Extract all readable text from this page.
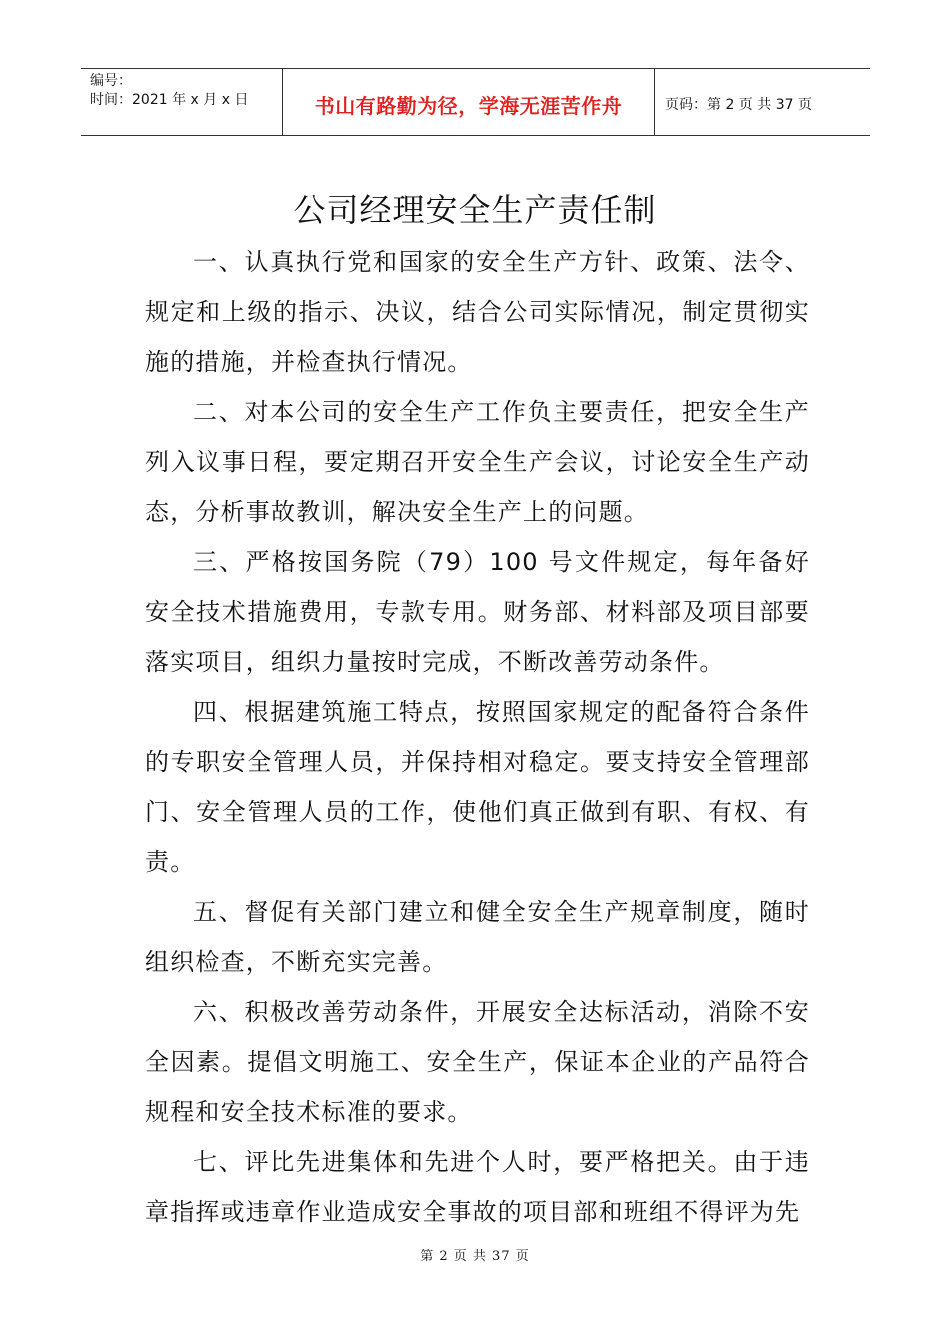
编号：
时间：2021 年 x 月 x 日	书山有路勤为径，学海无涯苦作舟	页码：第 2 页 共 37 页
公司经理安全生产责任制

一、认真执行党和国家的安全生产方针、政策、法令、规定和上级的指示、决议，结合公司实际情况，制定贯彻实施的措施，并检查执行情况。

二、对本公司的安全生产工作负主要责任，把安全生产列入议事日程，要定期召开安全生产会议，讨论安全生产动态，分析事故教训，解决安全生产上的问题。

三、严格按国务院（79）100 号文件规定，每年备好安全技术措施费用，专款专用。财务部、材料部及项目部要落实项目，组织力量按时完成，不断改善劳动条件。

四、根据建筑施工特点，按照国家规定的配备符合条件的专职安全管理人员，并保持相对稳定。要支持安全管理部门、安全管理人员的工作，使他们真正做到有职、有权、有责。

五、督促有关部门建立和健全安全生产规章制度，随时组织检查，不断充实完善。

六、积极改善劳动条件，开展安全达标活动，消除不安全因素。提倡文明施工、安全生产，保证本企业的产品符合规程和安全技术标准的要求。

七、评比先进集体和先进个人时，要严格把关。由于违章指挥或违章作业造成安全事故的项目部和班组不得评为先

第 2 页 共 37 页
